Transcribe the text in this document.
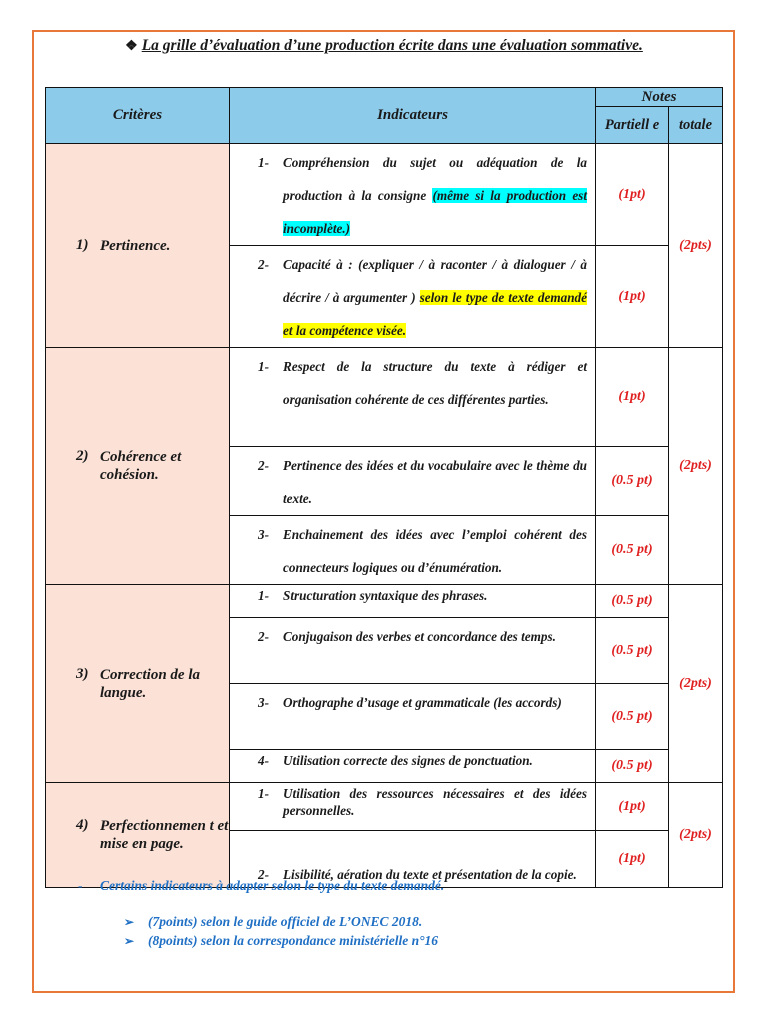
❖ La grille d’évaluation d’une production écrite dans une évaluation sommative.
Critères	Indicateurs	Notes	
		Partiell e	totale

1) Pertinence.	1- Compréhension du sujet ou adéquation de la production à la consigne (même si la production est incomplète.)	(1pt)	(2pts)

	2- Capacité à : (expliquer / à raconter / à dialoguer / à décrire / à argumenter ) selon le type de texte demandé et la compétence visée.	(1pt)	

2) Cohérence et cohésion.	1- Respect de la structure du texte à rédiger et organisation cohérente de ces différentes parties.	(1pt)	(2pts)

	2- Pertinence des idées et du vocabulaire avec le thème du texte.	(0.5 pt)	

	3- Enchainement des idées avec l’emploi cohérent des connecteurs logiques ou d’énumération.	(0.5 pt)	

3) Correction de la langue.	1- Structuration syntaxique des phrases.	(0.5 pt)	(2pts)

	2- Conjugaison des verbes et concordance des temps.	(0.5 pt)	

	3- Orthographe d’usage et grammaticale (les accords)	(0.5 pt)	

	4- Utilisation correcte des signes de ponctuation.	(0.5 pt)	

4) Perfectionnemen t et mise en page.	1- Utilisation des ressources nécessaires et des idées personnelles.	(1pt)	(2pts)

	2- Lisibilité, aération du texte et présentation de la copie.	(1pt)	
- Certains indicateurs à adapter selon le type du texte demandé.
➢ (7points) selon le guide officiel de L’ONEC 2018.
➢ (8points) selon la correspondance ministérielle n°16
